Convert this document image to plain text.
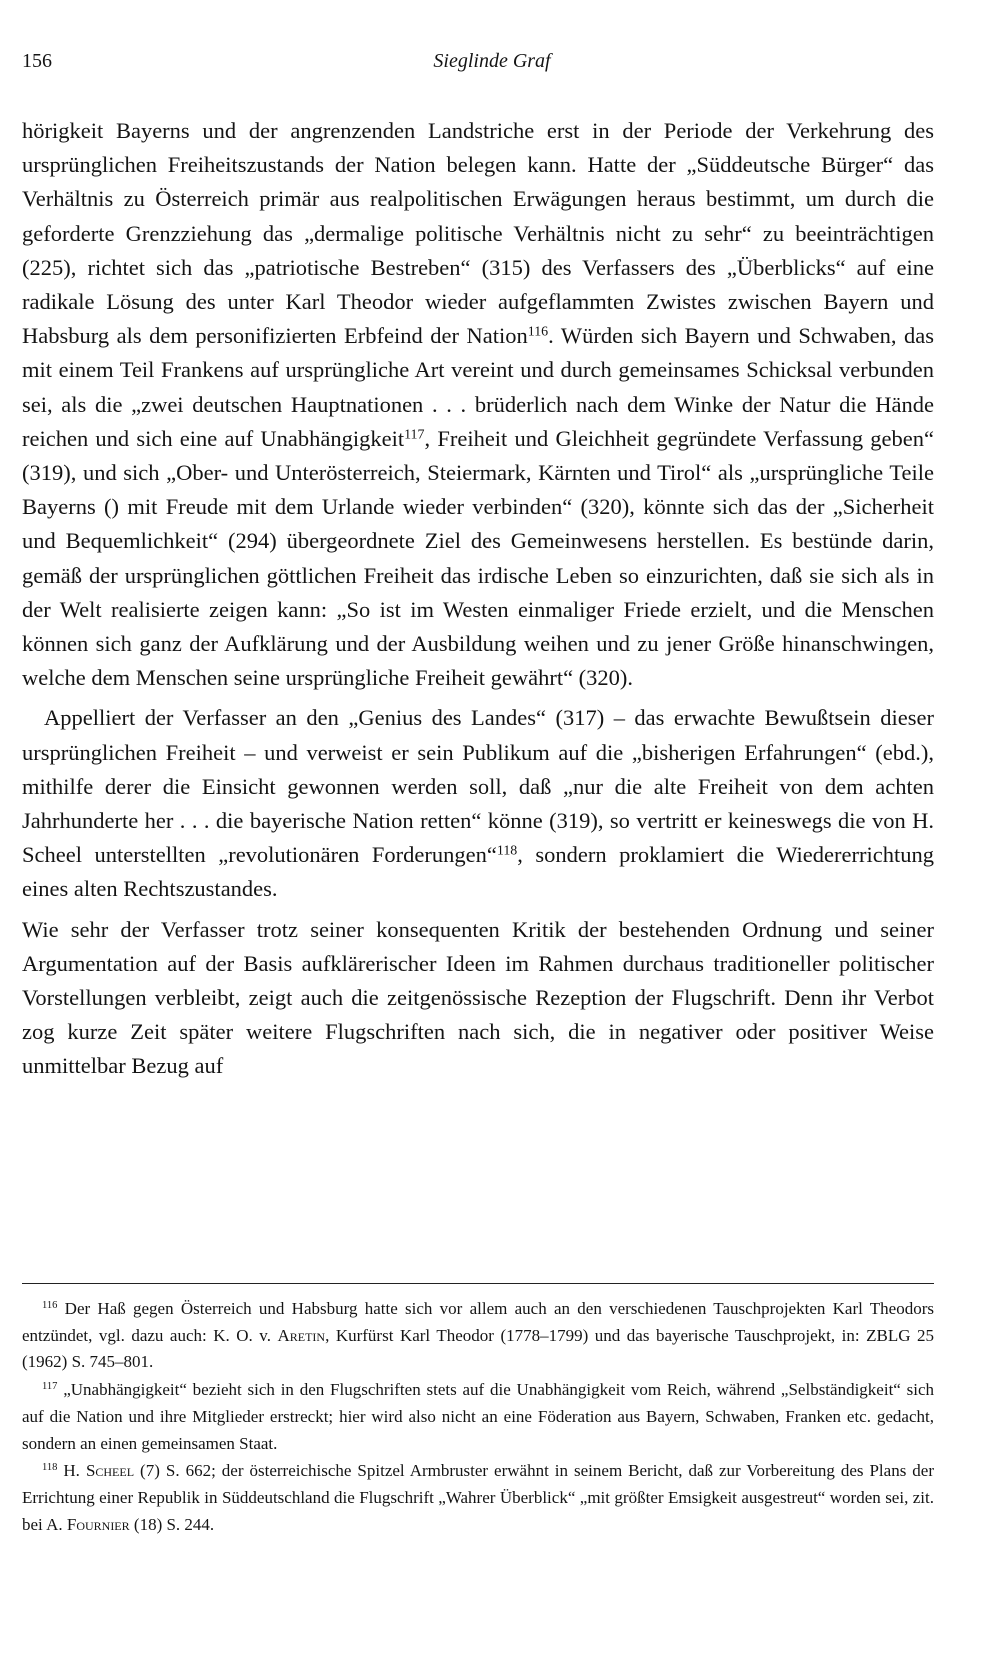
156	Sieglinde Graf

hörigkeit Bayerns und der angrenzenden Landstriche erst in der Periode der Verkehrung des ursprünglichen Freiheitszustands der Nation belegen kann. Hatte der „Süddeutsche Bürger“ das Verhältnis zu Österreich primär aus realpolitischen Erwägungen heraus bestimmt, um durch die geforderte Grenzziehung das „dermalige politische Verhältnis nicht zu sehr“ zu beeinträchtigen (225), richtet sich das „patriotische Bestreben“ (315) des Verfassers des „Überblicks“ auf eine radikale Lösung des unter Karl Theodor wieder aufgeflammten Zwistes zwischen Bayern und Habsburg als dem personifizierten Erbfeind der Nation$^{116}$. Würden sich Bayern und Schwaben, das mit einem Teil Frankens auf ursprüngliche Art vereint und durch gemeinsames Schicksal verbunden sei, als die „zwei deutschen Hauptnationen . . . brüderlich nach dem Winke der Natur die Hände reichen und sich eine auf Unabhängigkeit$^{117}$, Freiheit und Gleichheit gegründete Verfassung geben“ (319), und sich „Ober- und Unterösterreich, Steiermark, Kärnten und Tirol“ als „ursprüngliche Teile Bayerns () mit Freude mit dem Urlande wieder verbinden“ (320), könnte sich das der „Sicherheit und Bequemlichkeit“ (294) übergeordnete Ziel des Gemeinwesens herstellen. Es bestünde darin, gemäß der ursprünglichen göttlichen Freiheit das irdische Leben so einzurichten, daß sie sich als in der Welt realisierte zeigen kann: „So ist im Westen einmaliger Friede erzielt, und die Menschen können sich ganz der Aufklärung und der Ausbildung weihen und zu jener Größe hinanschwingen, welche dem Menschen seine ursprüngliche Freiheit gewährt“ (320).

Appelliert der Verfasser an den „Genius des Landes“ (317) – das erwachte Bewußtsein dieser ursprünglichen Freiheit – und verweist er sein Publikum auf die „bisherigen Erfahrungen“ (ebd.), mithilfe derer die Einsicht gewonnen werden soll, daß „nur die alte Freiheit von dem achten Jahrhunderte her . . . die bayerische Nation retten“ könne (319), so vertritt er keineswegs die von H. Scheel unterstellten „revolutionären Forderungen“$^{118}$, sondern proklamiert die Wiedererrichtung eines alten Rechtszustandes.

Wie sehr der Verfasser trotz seiner konsequenten Kritik der bestehenden Ordnung und seiner Argumentation auf der Basis aufklärerischer Ideen im Rahmen durchaus traditioneller politischer Vorstellungen verbleibt, zeigt auch die zeitgenössische Rezeption der Flugschrift. Denn ihr Verbot zog kurze Zeit später weitere Flugschriften nach sich, die in negativer oder positiver Weise unmittelbar Bezug auf

$^{116}$ Der Haß gegen Österreich und Habsburg hatte sich vor allem auch an den verschiedenen Tauschprojekten Karl Theodors entzündet, vgl. dazu auch: K. O. v. Aretin, Kurfürst Karl Theodor (1778–1799) und das bayerische Tauschprojekt, in: ZBLG 25 (1962) S. 745–801.

$^{117}$ „Unabhängigkeit“ bezieht sich in den Flugschriften stets auf die Unabhängigkeit vom Reich, während „Selbständigkeit“ sich auf die Nation und ihre Mitglieder erstreckt; hier wird also nicht an eine Föderation aus Bayern, Schwaben, Franken etc. gedacht, sondern an einen gemeinsamen Staat.

$^{118}$ H. Scheel (7) S. 662; der österreichische Spitzel Armbruster erwähnt in seinem Bericht, daß zur Vorbereitung des Plans der Errichtung einer Republik in Süddeutschland die Flugschrift „Wahrer Überblick“ „mit größter Emsigkeit ausgestreut“ worden sei, zit. bei A. Fournier (18) S. 244.
